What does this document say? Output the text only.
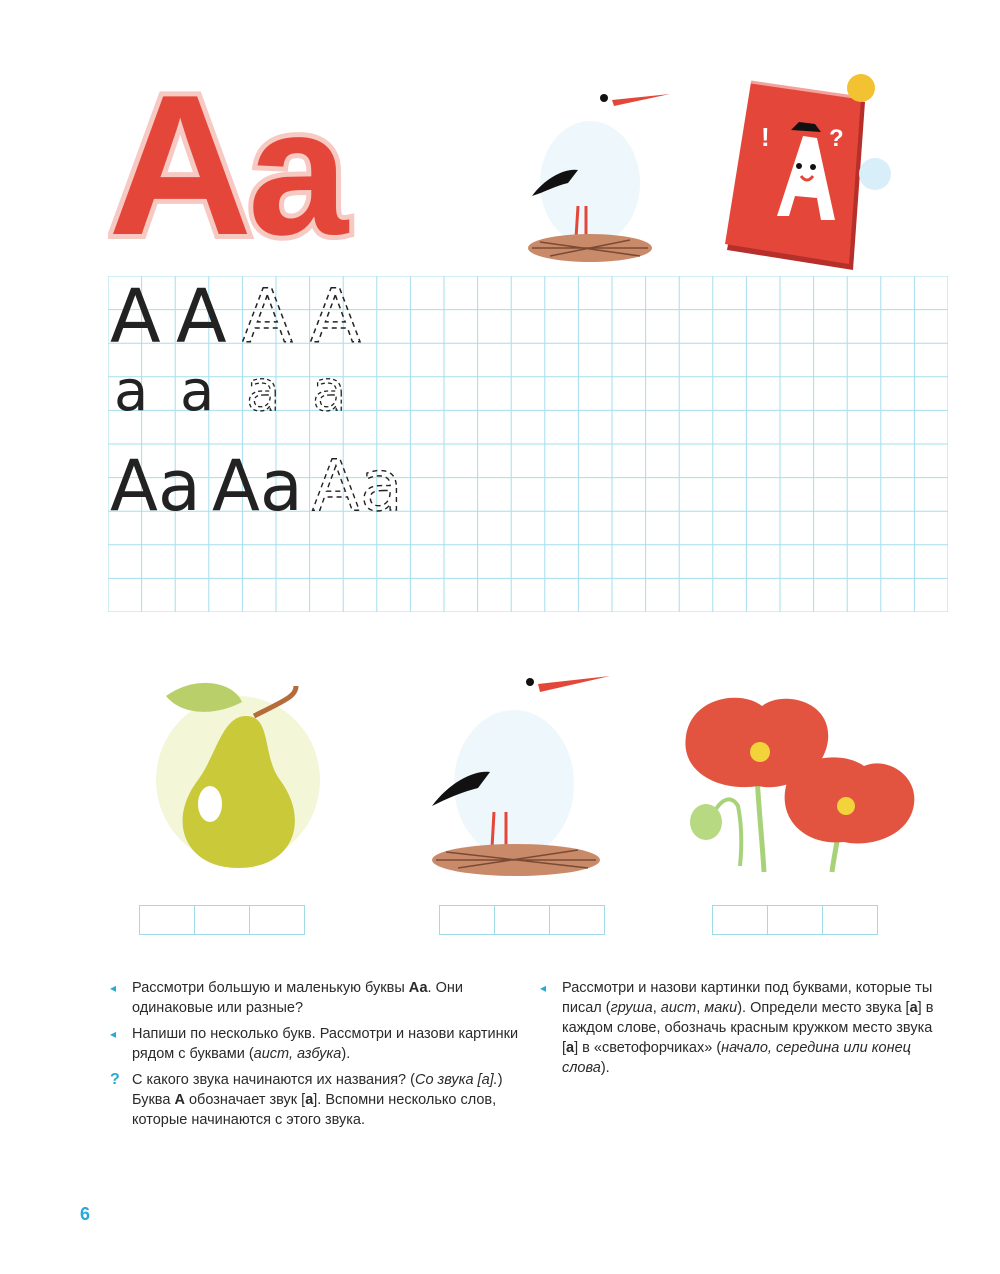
А
а	! ?
А А А А
а а а а
Аа Аа Аа
◂ Рассмотри большую и маленькую буквы Аа. Они одинаковые или разные?
◂ Напиши по несколько букв. Рассмотри и назови картинки рядом с буквами (аист, азбука).
? С какого звука начинаются их названия? (Со звука [а].) Буква А обозначает звук [а]. Вспомни несколько слов, которые начинаются с этого звука.
◂ Рассмотри и назови картинки под буквами, которые ты писал (груша, аист, маки). Определи место звука [а] в каждом слове, обозначь красным кружком место звука [а] в «светофорчиках» (начало, середина или конец слова).
6
